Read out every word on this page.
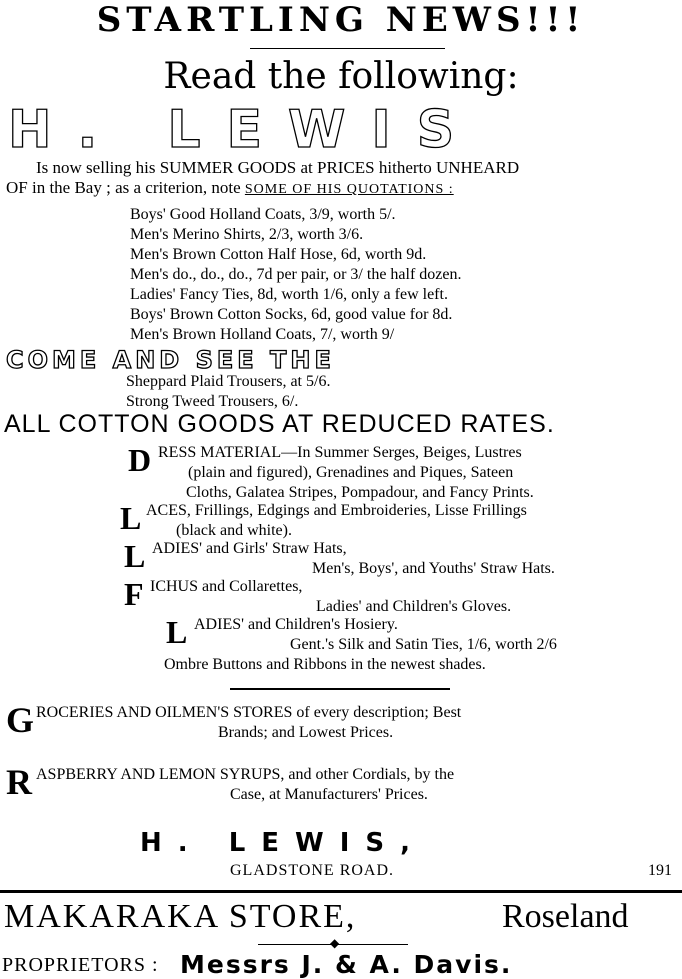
STARTLING NEWS!!!
Read the following:
H. LEWIS
Is now selling his SUMMER GOODS at PRICES hitherto UNHEARD
OF in the Bay ; as a criterion, note SOME OF HIS QUOTATIONS :
Boys' Good Holland Coats, 3/9, worth 5/.
Men's Merino Shirts, 2/3, worth 3/6.
Men's Brown Cotton Half Hose, 6d, worth 9d.
Men's do., do., do., 7d per pair, or 3/ the half dozen.
Ladies' Fancy Ties, 8d, worth 1/6, only a few left.
Boys' Brown Cotton Socks, 6d, good value for 8d.
Men's Brown Holland Coats, 7/, worth 9/
COME AND SEE THE
Sheppard Plaid Trousers, at 5/6.
Strong Tweed Trousers, 6/.
ALL COTTON GOODS AT REDUCED RATES.
D RESS MATERIAL—In Summer Serges, Beiges, Lustres
(plain and figured), Grenadines and Piques, Sateen
Cloths, Galatea Stripes, Pompadour, and Fancy Prints.
L ACES, Frillings, Edgings and Embroideries, Lisse Frillings
(black and white).
L ADIES' and Girls' Straw Hats,
Men's, Boys', and Youths' Straw Hats.
F ICHUS and Collarettes,
Ladies' and Children's Gloves.
L ADIES' and Children's Hosiery.
Gent.'s Silk and Satin Ties, 1/6, worth 2/6
Ombre Buttons and Ribbons in the newest shades.
G ROCERIES AND OILMEN'S STORES of every description; Best
Brands; and Lowest Prices.
R ASPBERRY AND LEMON SYRUPS, and other Cordials, by the
Case, at Manufacturers' Prices.
H. LEWIS,
GLADSTONE ROAD.	191
MAKARAKA STORE,	Roseland
◆
PROPRIETORS : Messrs J. & A. Davis.
